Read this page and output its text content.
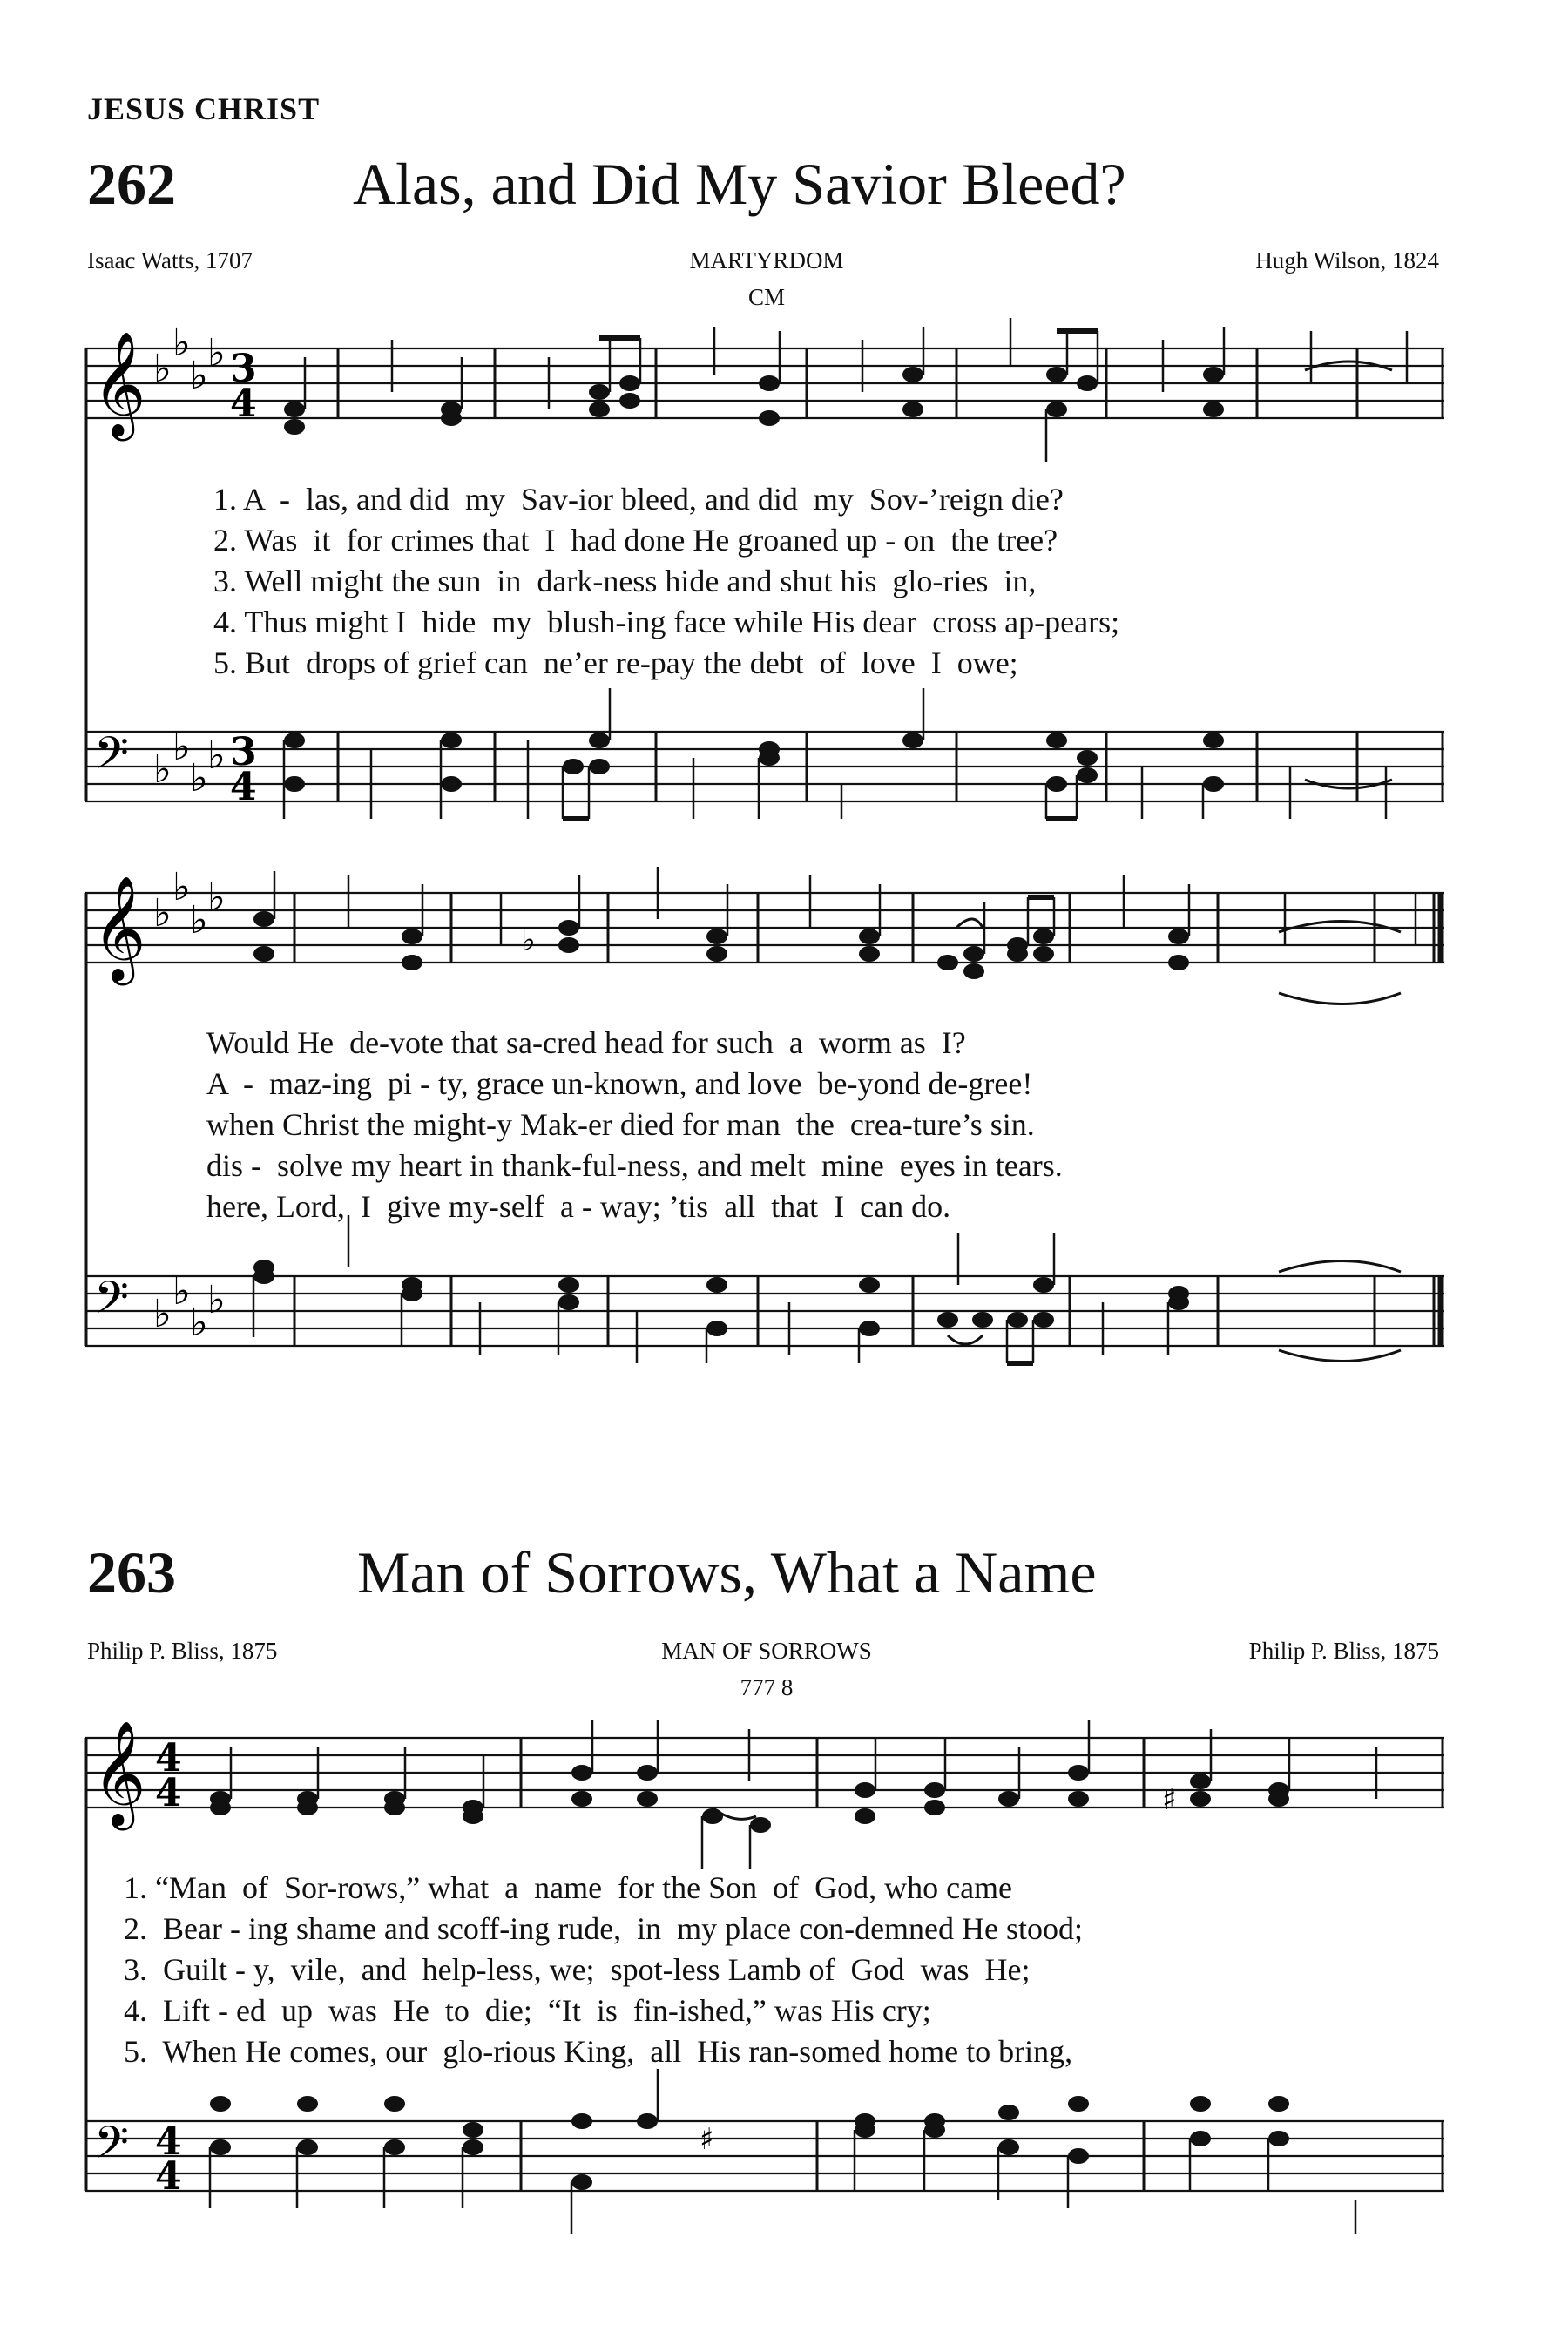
JESUS CHRIST
262	Alas, and Did My Savior Bleed?
Isaac Watts, 1707	MARTYRDOM
CM
Hugh Wilson, 1824
𝄞
𝄢
♭
♭
♭
♭
♭
♭
♭
♭
3
4
3
4
1. A  -  las, and did  my  Sav-ior bleed, and did  my  Sov-’reign die?
2. Was  it  for crimes that  I  had done He groaned up - on  the tree?
3. Well might the sun  in  dark-ness hide and shut his  glo-ries  in,
4. Thus might I  hide  my  blush-ing face while His dear  cross ap-pears;
5. But  drops of grief can  ne’er re-pay the debt  of  love  I  owe;
𝄞
𝄢
♭
♭
♭
♭
♭
♭
♭
♭
♭
Would He  de-vote that sa-cred head for such  a  worm as  I?
A  -  maz-ing  pi - ty, grace un-known, and love  be-yond de-gree!
when Christ the might-y Mak-er died for man  the  crea-ture’s sin.
dis -  solve my heart in thank-ful-ness, and melt  mine  eyes in tears.
here, Lord,  I  give my-self  a - way; ’tis  all  that  I  can do.
263	Man of Sorrows, What a Name
Philip P. Bliss, 1875	MAN OF SORROWS
777 8
Philip P. Bliss, 1875
𝄞
𝄢
4
4
4
4
♯
♯
1. “Man  of  Sor-rows,” what  a  name  for the Son  of  God, who came
2.  Bear - ing shame and scoff-ing rude,  in  my place con-demned He stood;
3.  Guilt - y,  vile,  and  help-less, we;  spot-less Lamb of  God  was  He;
4.  Lift - ed  up  was  He  to  die;  “It  is  fin-ished,” was His cry;
5.  When He comes, our  glo-rious King,  all  His ran-somed home to bring,
